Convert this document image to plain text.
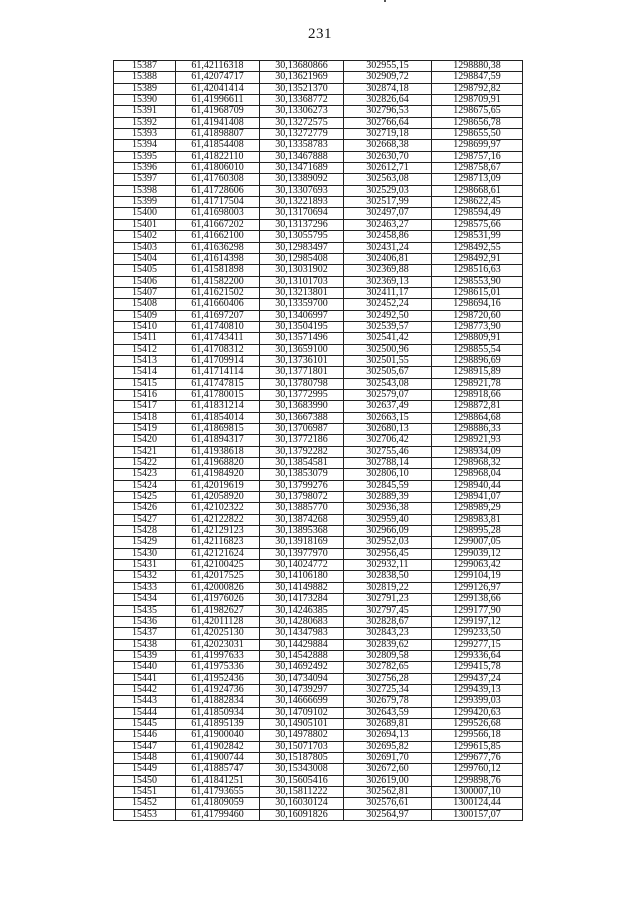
231
15387	61,42116318	30,13680866	302955,15	1298880,38
15388	61,42074717	30,13621969	302909,72	1298847,59
15389	61,42041414	30,13521370	302874,18	1298792,82
15390	61,41996611	30,13368772	302826,64	1298709,91
15391	61,41968709	30,13306273	302796,53	1298675,65
15392	61,41941408	30,13272575	302766,64	1298656,78
15393	61,41898807	30,13272779	302719,18	1298655,50
15394	61,41854408	30,13358783	302668,38	1298699,97
15395	61,41822110	30,13467888	302630,70	1298757,16
15396	61,41806010	30,13471689	302612,71	1298758,67
15397	61,41760308	30,13389092	302563,08	1298713,09
15398	61,41728606	30,13307693	302529,03	1298668,61
15399	61,41717504	30,13221893	302517,99	1298622,45
15400	61,41698003	30,13170694	302497,07	1298594,49
15401	61,41667202	30,13137296	302463,27	1298575,66
15402	61,41662100	30,13055795	302458,86	1298531,99
15403	61,41636298	30,12983497	302431,24	1298492,55
15404	61,41614398	30,12985408	302406,81	1298492,91
15405	61,41581898	30,13031902	302369,88	1298516,63
15406	61,41582200	30,13101703	302369,13	1298553,90
15407	61,41621502	30,13213801	302411,17	1298615,01
15408	61,41660406	30,13359700	302452,24	1298694,16
15409	61,41697207	30,13406997	302492,50	1298720,60
15410	61,41740810	30,13504195	302539,57	1298773,90
15411	61,41743411	30,13571496	302541,42	1298809,91
15412	61,41708312	30,13659100	302500,96	1298855,54
15413	61,41709914	30,13736101	302501,55	1298896,69
15414	61,41714114	30,13771801	302505,67	1298915,89
15415	61,41747815	30,13780798	302543,08	1298921,78
15416	61,41780015	30,13772995	302579,07	1298918,66
15417	61,41831214	30,13683990	302637,49	1298872,81
15418	61,41854014	30,13667388	302663,15	1298864,68
15419	61,41869815	30,13706987	302680,13	1298886,33
15420	61,41894317	30,13772186	302706,42	1298921,93
15421	61,41938618	30,13792282	302755,46	1298934,09
15422	61,41968820	30,13854581	302788,14	1298968,32
15423	61,41984920	30,13853079	302806,10	1298968,04
15424	61,42019619	30,13799276	302845,59	1298940,44
15425	61,42058920	30,13798072	302889,39	1298941,07
15426	61,42102322	30,13885770	302936,38	1298989,29
15427	61,42122822	30,13874268	302959,40	1298983,81
15428	61,42129123	30,13895368	302966,09	1298995,28
15429	61,42116823	30,13918169	302952,03	1299007,05
15430	61,42121624	30,13977970	302956,45	1299039,12
15431	61,42100425	30,14024772	302932,11	1299063,42
15432	61,42017525	30,14106180	302838,50	1299104,19
15433	61,42000826	30,14149882	302819,22	1299126,97
15434	61,41976026	30,14173284	302791,23	1299138,66
15435	61,41982627	30,14246385	302797,45	1299177,90
15436	61,42011128	30,14280683	302828,67	1299197,12
15437	61,42025130	30,14347983	302843,23	1299233,50
15438	61,42023031	30,14429884	302839,62	1299277,15
15439	61,41997633	30,14542888	302809,58	1299336,64
15440	61,41975336	30,14692492	302782,65	1299415,78
15441	61,41952436	30,14734094	302756,28	1299437,24
15442	61,41924736	30,14739297	302725,34	1299439,13
15443	61,41882834	30,14666699	302679,78	1299399,03
15444	61,41850934	30,14709102	302643,59	1299420,63
15445	61,41895139	30,14905101	302689,81	1299526,68
15446	61,41900040	30,14978802	302694,13	1299566,18
15447	61,41902842	30,15071703	302695,82	1299615,85
15448	61,41900744	30,15187805	302691,70	1299677,76
15449	61,41885747	30,15343008	302672,60	1299760,12
15450	61,41841251	30,15605416	302619,00	1299898,76
15451	61,41793655	30,15811222	302562,81	1300007,10
15452	61,41809059	30,16030124	302576,61	1300124,44
15453	61,41799460	30,16091826	302564,97	1300157,07
